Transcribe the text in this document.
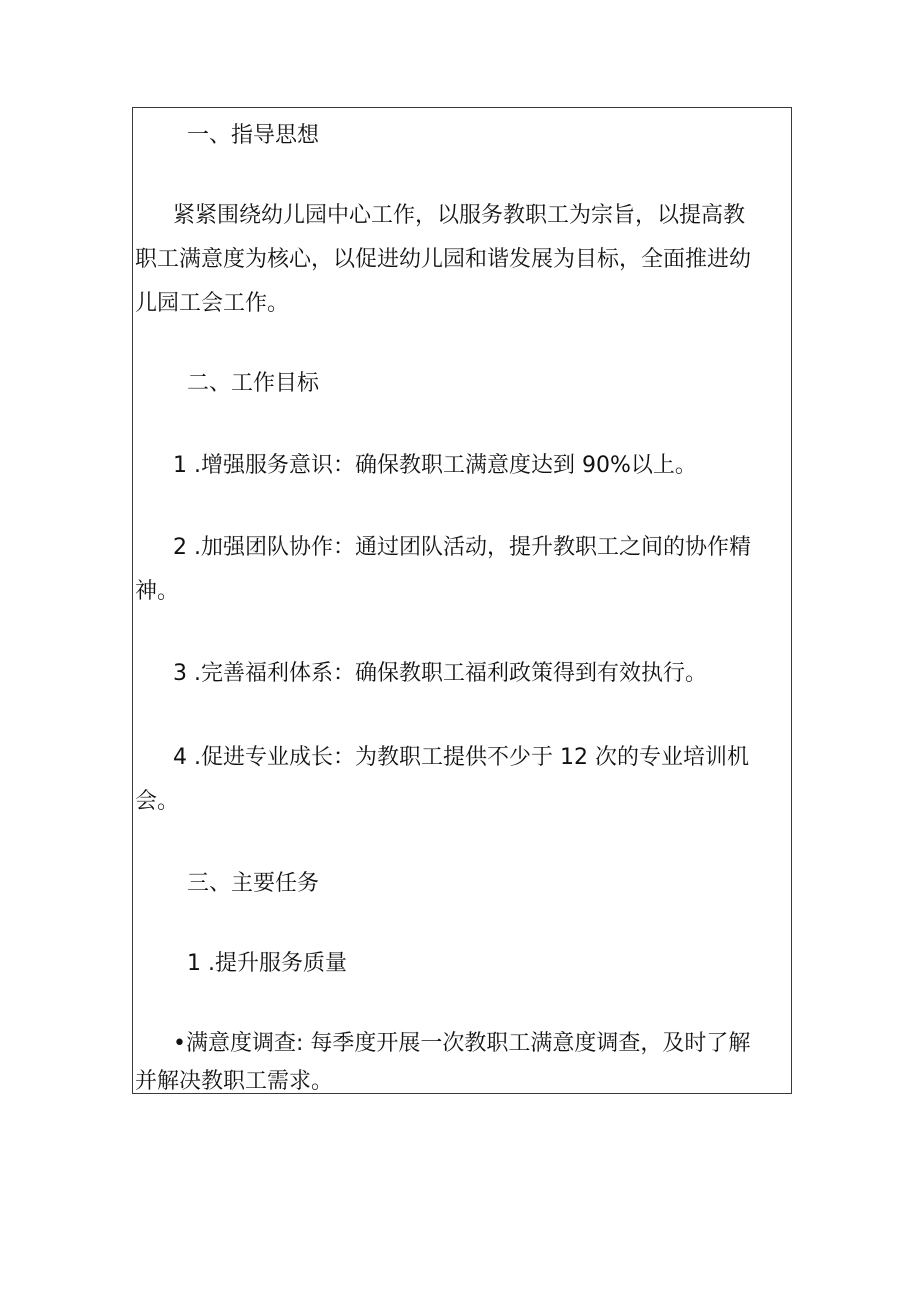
一、指导思想
紧紧围绕幼儿园中心工作，以服务教职工为宗旨，以提高教
职工满意度为核心，以促进幼儿园和谐发展为目标，全面推进幼
儿园工会工作。
二、工作目标
1 .增强服务意识：确保教职工满意度达到 90%以上。
2 .加强团队协作：通过团队活动，提升教职工之间的协作精
神。
3 .完善福利体系：确保教职工福利政策得到有效执行。
4 .促进专业成长：为教职工提供不少于 12 次的专业培训机
会。
三、主要任务
1 .提升服务质量
•满意度调查: 每季度开展一次教职工满意度调查，及时了解
并解决教职工需求。
